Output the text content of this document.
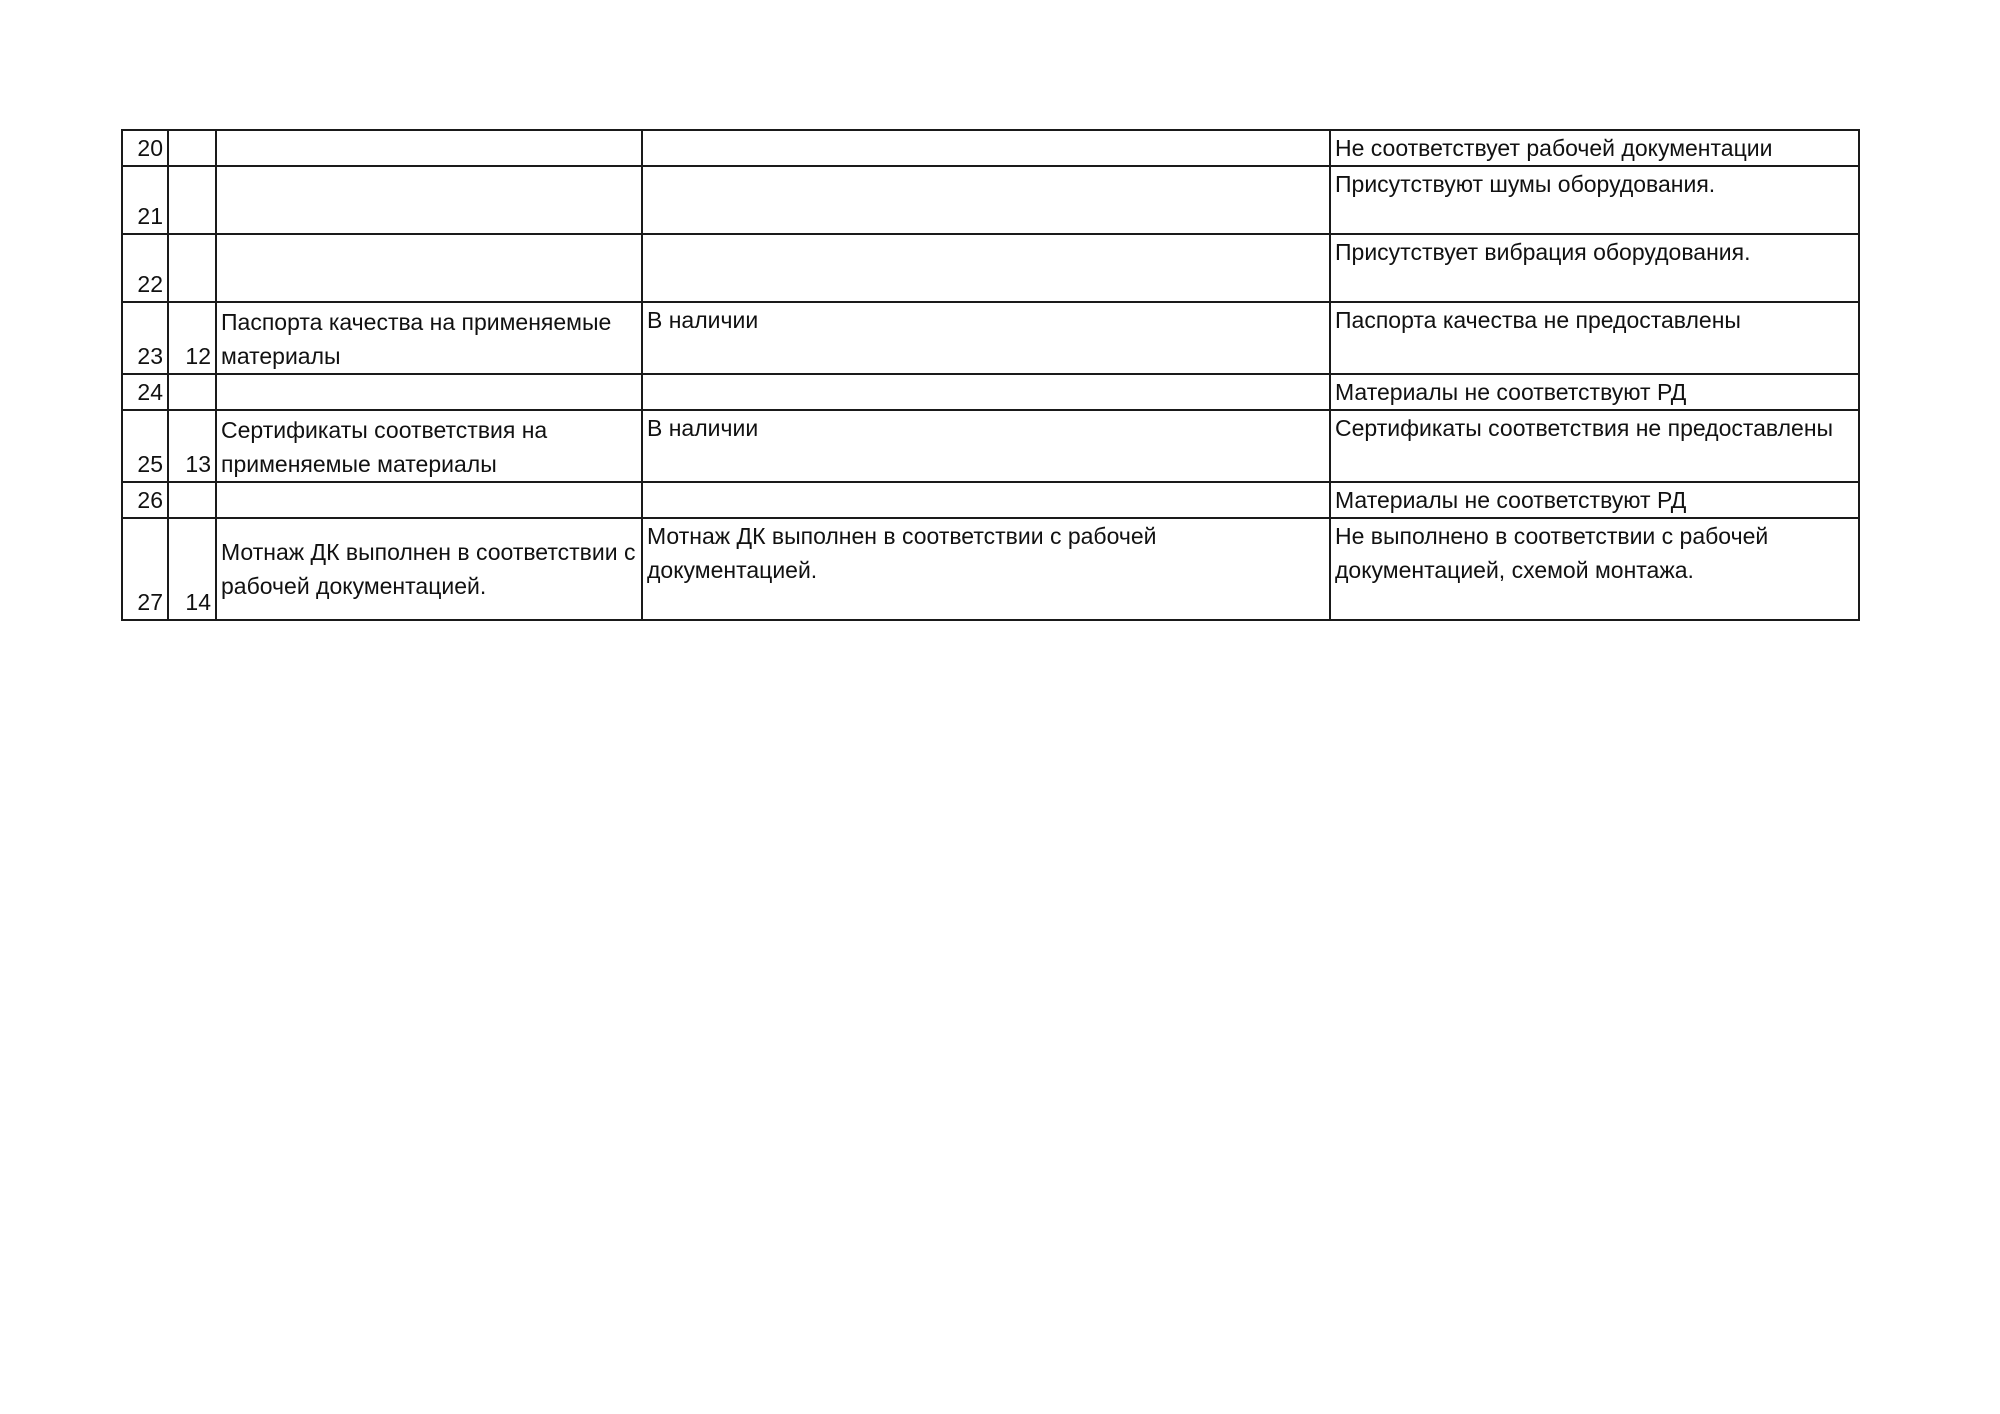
20				Не соответствует рабочей документации
21				Присутствуют шумы оборудования.
22				Присутствует вибрация оборудования.
23	12	Паспорта качества на применяемые материалы	В наличии	Паспорта качества не предоставлены
24				Материалы не соответствуют РД
25	13	Сертификаты соответствия на применяемые материалы	В наличии	Сертификаты соответствия не предоставлены
26				Материалы не соответствуют РД
27	14	Мотнаж ДК выполнен в соответствии с рабочей документацией.	Мотнаж ДК выполнен в соответствии с рабочей документацией.	Не выполнено в соответствии с рабочей документацией, схемой монтажа.
